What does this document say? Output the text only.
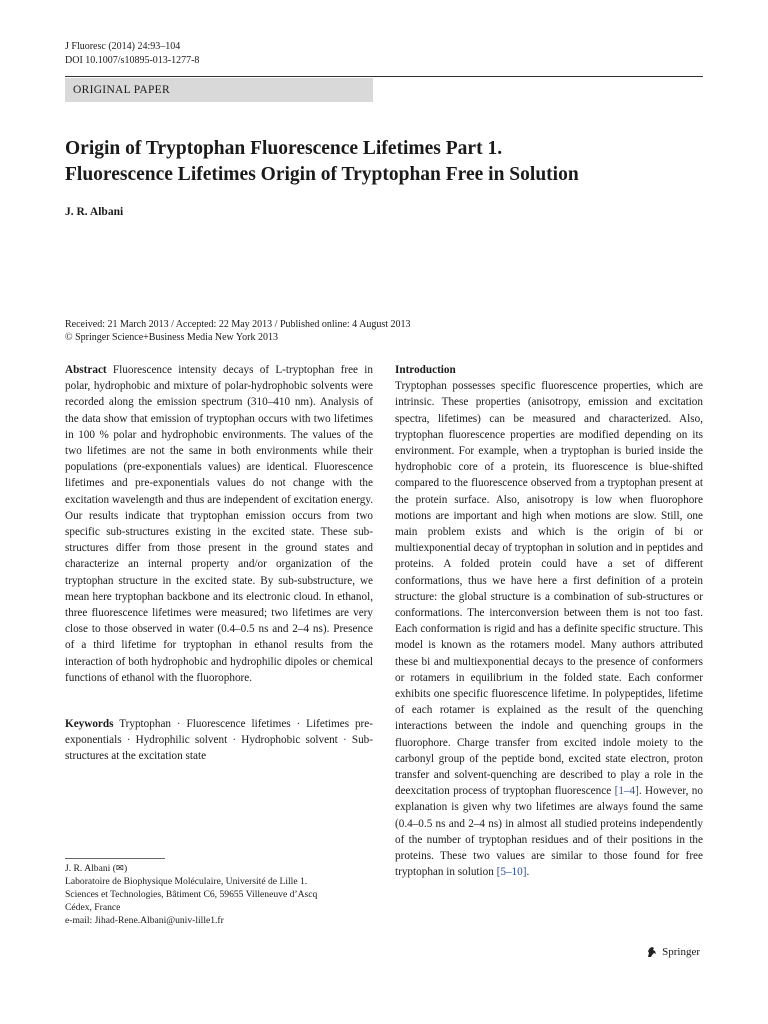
J Fluoresc (2014) 24:93–104
DOI 10.1007/s10895-013-1277-8
ORIGINAL PAPER
Origin of Tryptophan Fluorescence Lifetimes Part 1.
Fluorescence Lifetimes Origin of Tryptophan Free in Solution
J. R. Albani
Received: 21 March 2013 / Accepted: 22 May 2013 / Published online: 4 August 2013
© Springer Science+Business Media New York 2013

Abstract Fluorescence intensity decays of L-tryptophan free in polar, hydrophobic and mixture of polar-hydrophobic solvents were recorded along the emission spectrum (310–410 nm). Analysis of the data show that emission of tryptophan occurs with two lifetimes in 100 % polar and hydrophobic environments. The values of the two lifetimes are not the same in both environments while their populations (pre-exponentials values) are identical. Fluorescence lifetimes and pre-exponentials values do not change with the excitation wavelength and thus are independent of excitation energy. Our results indicate that tryptophan emission occurs from two specific sub-structures existing in the excited state. These sub-structures differ from those present in the ground states and characterize an internal property and/or organization of the tryptophan structure in the excited state. By sub-substructure, we mean here tryptophan backbone and its electronic cloud. In ethanol, three fluorescence lifetimes were measured; two lifetimes are very close to those observed in water (0.4–0.5 ns and 2–4 ns). Presence of a third lifetime for tryptophan in ethanol results from the interaction of both hydrophobic and hydrophilic dipoles or chemical functions of ethanol with the fluorophore.

Keywords Tryptophan · Fluorescence lifetimes · Lifetimes pre-exponentials · Hydrophilic solvent · Hydrophobic solvent · Sub-structures at the excitation state

J. R. Albani (✉)

Laboratoire de Biophysique Moléculaire, Université de Lille 1.

Sciences et Technologies, Bâtiment C6, 59655 Villeneuve d’Ascq

Cédex, France

e-mail: Jihad-Rene.Albani@univ-lille1.fr

Introduction

Tryptophan possesses specific fluorescence properties, which are intrinsic. These properties (anisotropy, emission and excitation spectra, lifetimes) can be measured and characterized. Also, tryptophan fluorescence properties are modified depending on its environment. For example, when a tryptophan is buried inside the hydrophobic core of a protein, its fluorescence is blue-shifted compared to the fluorescence observed from a tryptophan present at the protein surface. Also, anisotropy is low when fluorophore motions are important and high when motions are slow. Still, one main problem exists and which is the origin of bi or multiexponential decay of tryptophan in solution and in peptides and proteins. A folded protein could have a set of different conformations, thus we have here a first definition of a protein structure: the global structure is a combination of sub-structures or conformations. The interconversion between them is not too fast. Each conformation is rigid and has a definite specific structure. This model is known as the rotamers model. Many authors attributed these bi and multiexponential decays to the presence of conformers or rotamers in equilibrium in the folded state. Each conformer exhibits one specific fluorescence lifetime. In polypeptides, lifetime of each rotamer is explained as the result of the quenching interactions between the indole and quenching groups in the fluorophore. Charge transfer from excited indole moiety to the carbonyl group of the peptide bond, excited state electron, proton transfer and solvent-quenching are described to play a role in the deexcitation process of tryptophan fluorescence [1–4]. However, no explanation is given why two lifetimes are always found the same (0.4–0.5 ns and 2–4 ns) in almost all studied proteins independently of the number of tryptophan residues and of their positions in the proteins. These two values are similar to those found for free tryptophan in solution [5–10].

Springer
